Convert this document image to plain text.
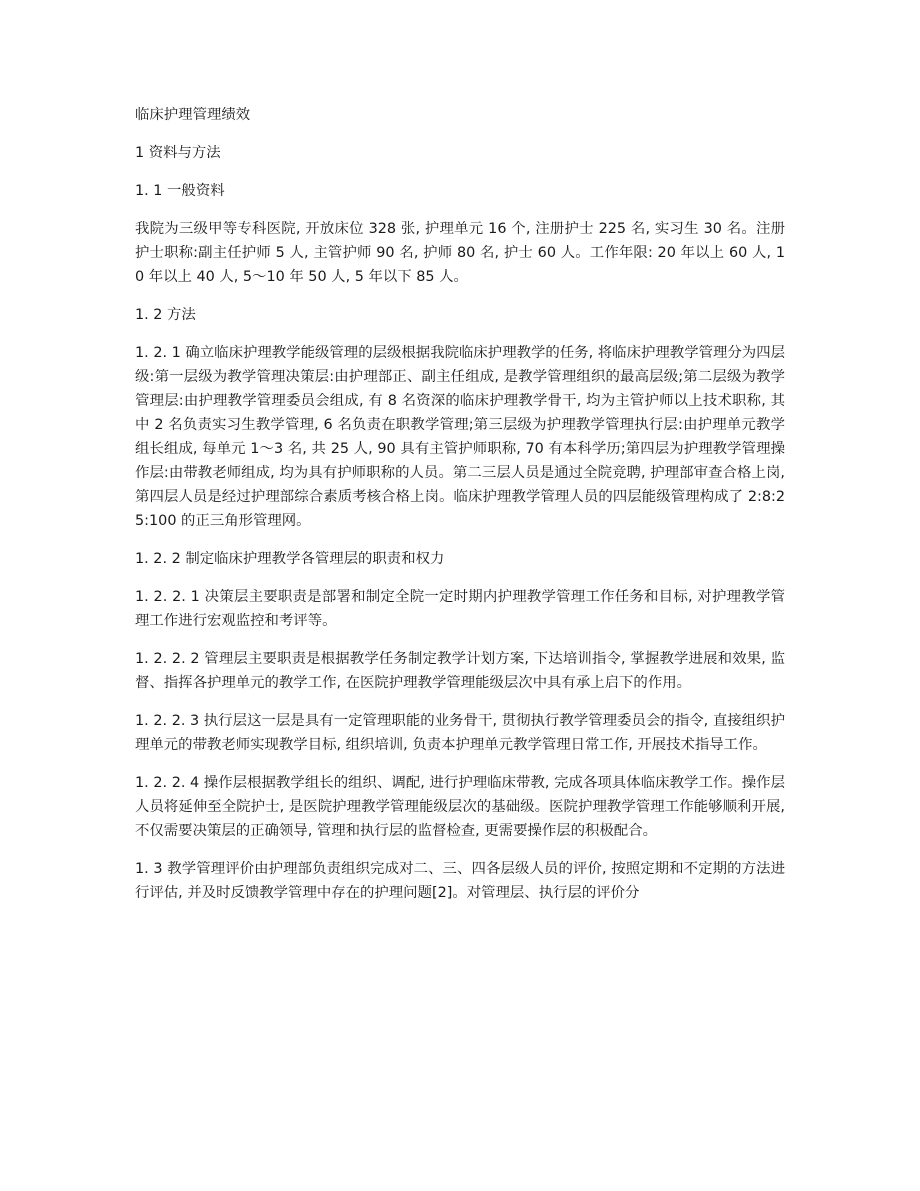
临床护理管理绩效

1 资料与方法

1. 1 一般资料

我院为三级甲等专科医院, 开放床位 328 张, 护理单元 16 个, 注册护士 225 名, 实习生 30 名。注册护士职称:副主任护师 5 人, 主管护师 90 名, 护师 80 名, 护士 60 人。工作年限: 20 年以上 60 人, 10 年以上 40 人, 5〜10 年 50 人, 5 年以下 85 人。

1. 2 方法

1. 2. 1 确立临床护理教学能级管理的层级根据我院临床护理教学的任务, 将临床护理教学管理分为四层级:第一层级为教学管理决策层:由护理部正、副主任组成, 是教学管理组织的最高层级;第二层级为教学管理层:由护理教学管理委员会组成, 有 8 名资深的临床护理教学骨干, 均为主管护师以上技术职称, 其中 2 名负责实习生教学管理, 6 名负责在职教学管理;第三层级为护理教学管理执行层:由护理单元教学组长组成, 每单元 1〜3 名, 共 25 人, 90 具有主管护师职称, 70 有本科学历;第四层为护理教学管理操作层:由带教老师组成, 均为具有护师职称的人员。第二三层人员是通过全院竞聘, 护理部审查合格上岗, 第四层人员是经过护理部综合素质考核合格上岗。临床护理教学管理人员的四层能级管理构成了 2:8:25:100 的正三角形管理网。

1. 2. 2 制定临床护理教学各管理层的职责和权力

1. 2. 2. 1 决策层主要职责是部署和制定全院一定时期内护理教学管理工作任务和目标, 对护理教学管理工作进行宏观监控和考评等。

1. 2. 2. 2 管理层主要职责是根据教学任务制定教学计划方案, 下达培训指令, 掌握教学进展和效果, 监督、指挥各护理单元的教学工作, 在医院护理教学管理能级层次中具有承上启下的作用。

1. 2. 2. 3 执行层这一层是具有一定管理职能的业务骨干, 贯彻执行教学管理委员会的指令, 直接组织护理单元的带教老师实现教学目标, 组织培训, 负责本护理单元教学管理日常工作, 开展技术指导工作。

1. 2. 2. 4 操作层根据教学组长的组织、调配, 进行护理临床带教, 完成各项具体临床教学工作。操作层人员将延伸至全院护士, 是医院护理教学管理能级层次的基础级。医院护理教学管理工作能够顺利开展, 不仅需要决策层的正确领导, 管理和执行层的监督检查, 更需要操作层的积极配合。

1. 3 教学管理评价由护理部负责组织完成对二、三、四各层级人员的评价, 按照定期和不定期的方法进行评估, 并及时反馈教学管理中存在的护理问题[2]。对管理层、执行层的评价分
